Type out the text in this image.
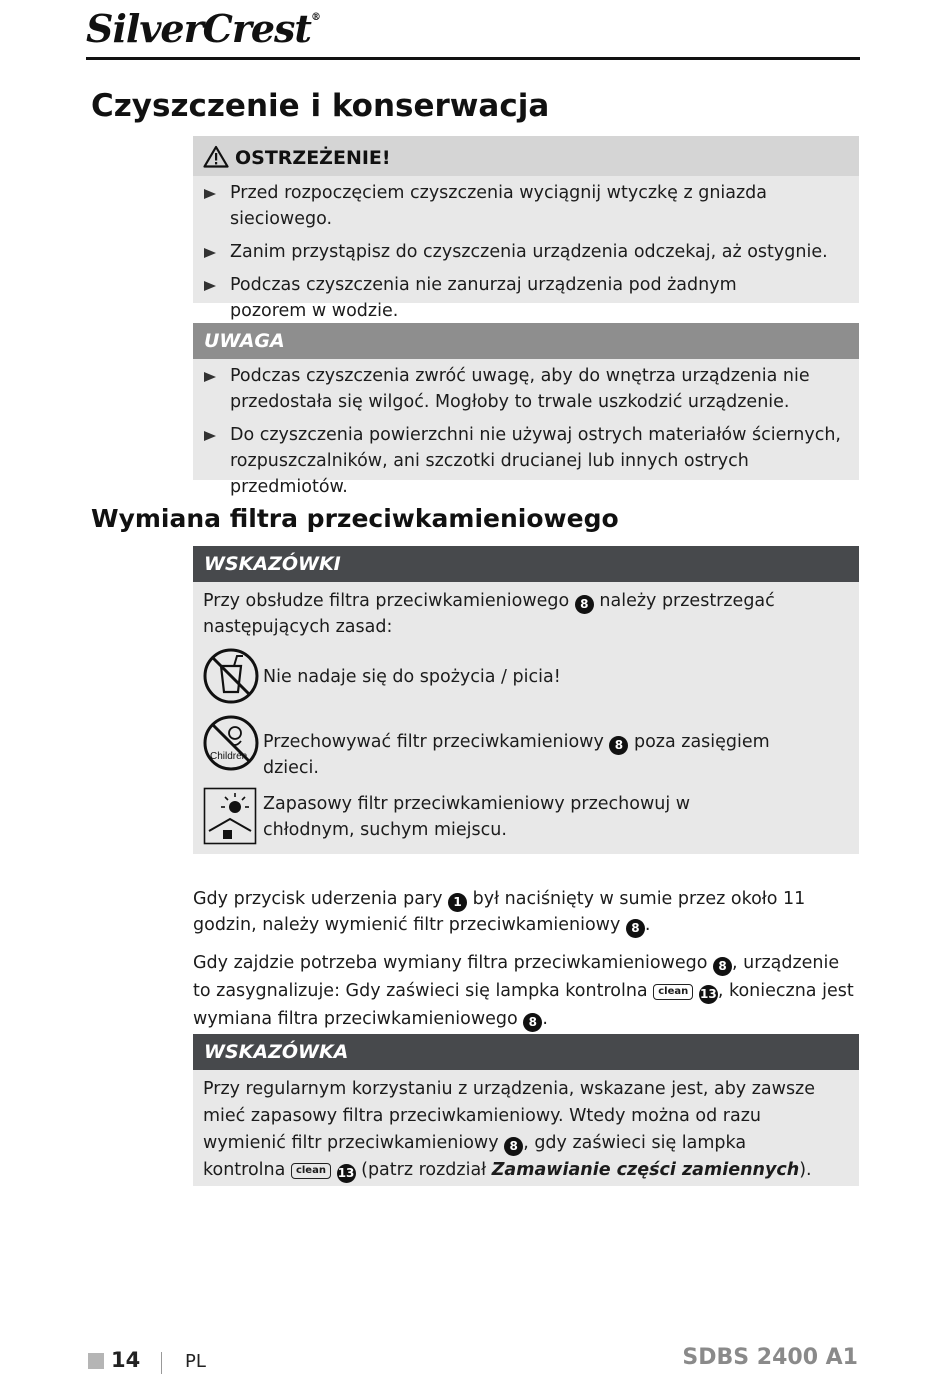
SilverCrest®
Czyszczenie i konserwacja
OSTRZEŻENIE!
Przed rozpoczęciem czyszczenia wyciągnij wtyczkę z gniazda sieciowego.
Zanim przystąpisz do czyszczenia urządzenia odczekaj, aż ostygnie.
Podczas czyszczenia nie zanurzaj urządzenia pod żadnym pozorem w wodzie.
UWAGA
Podczas czyszczenia zwróć uwagę, aby do wnętrza urządzenia nie przedostała się wilgoć. Mogłoby to trwale uszkodzić urządzenie.
Do czyszczenia powierzchni nie używaj ostrych materiałów ściernych, rozpuszczalników, ani szczotki drucianej lub innych ostrych przedmiotów.
Wymiana filtra przeciwkamieniowego
WSKAZÓWKI
Przy obsłudze filtra przeciwkamieniowego 8 należy przestrzegać następujących zasad:
Nie nadaje się do spożycia / picia!
Children
Przechowywać filtr przeciwkamieniowy 8 poza zasięgiem dzieci.
Zapasowy filtr przeciwkamieniowy przechowuj w chłodnym, suchym miejscu.
Gdy przycisk uderzenia pary 1 był naciśnięty w sumie przez około 11 godzin, należy wymienić filtr przeciwkamieniowy 8 .
Gdy zajdzie potrzeba wymiany filtra przeciwkamieniowego 8 , urządzenie to zasygnalizuje: Gdy zaświeci się lampka kontrolna clean 13, konieczna jest wymiana filtra przeciwkamieniowego 8 .
WSKAZÓWKA
Przy regularnym korzystaniu z urządzenia, wskazane jest, aby zawsze mieć zapasowy filtra przeciwkamieniowy. Wtedy można od razu wymienić filtr przeciwkamieniowy 8 , gdy zaświeci się lampka kontrolna clean 13 (patrz rozdział Zamawianie części zamiennych).
14 PL	SDBS 2400 A1
